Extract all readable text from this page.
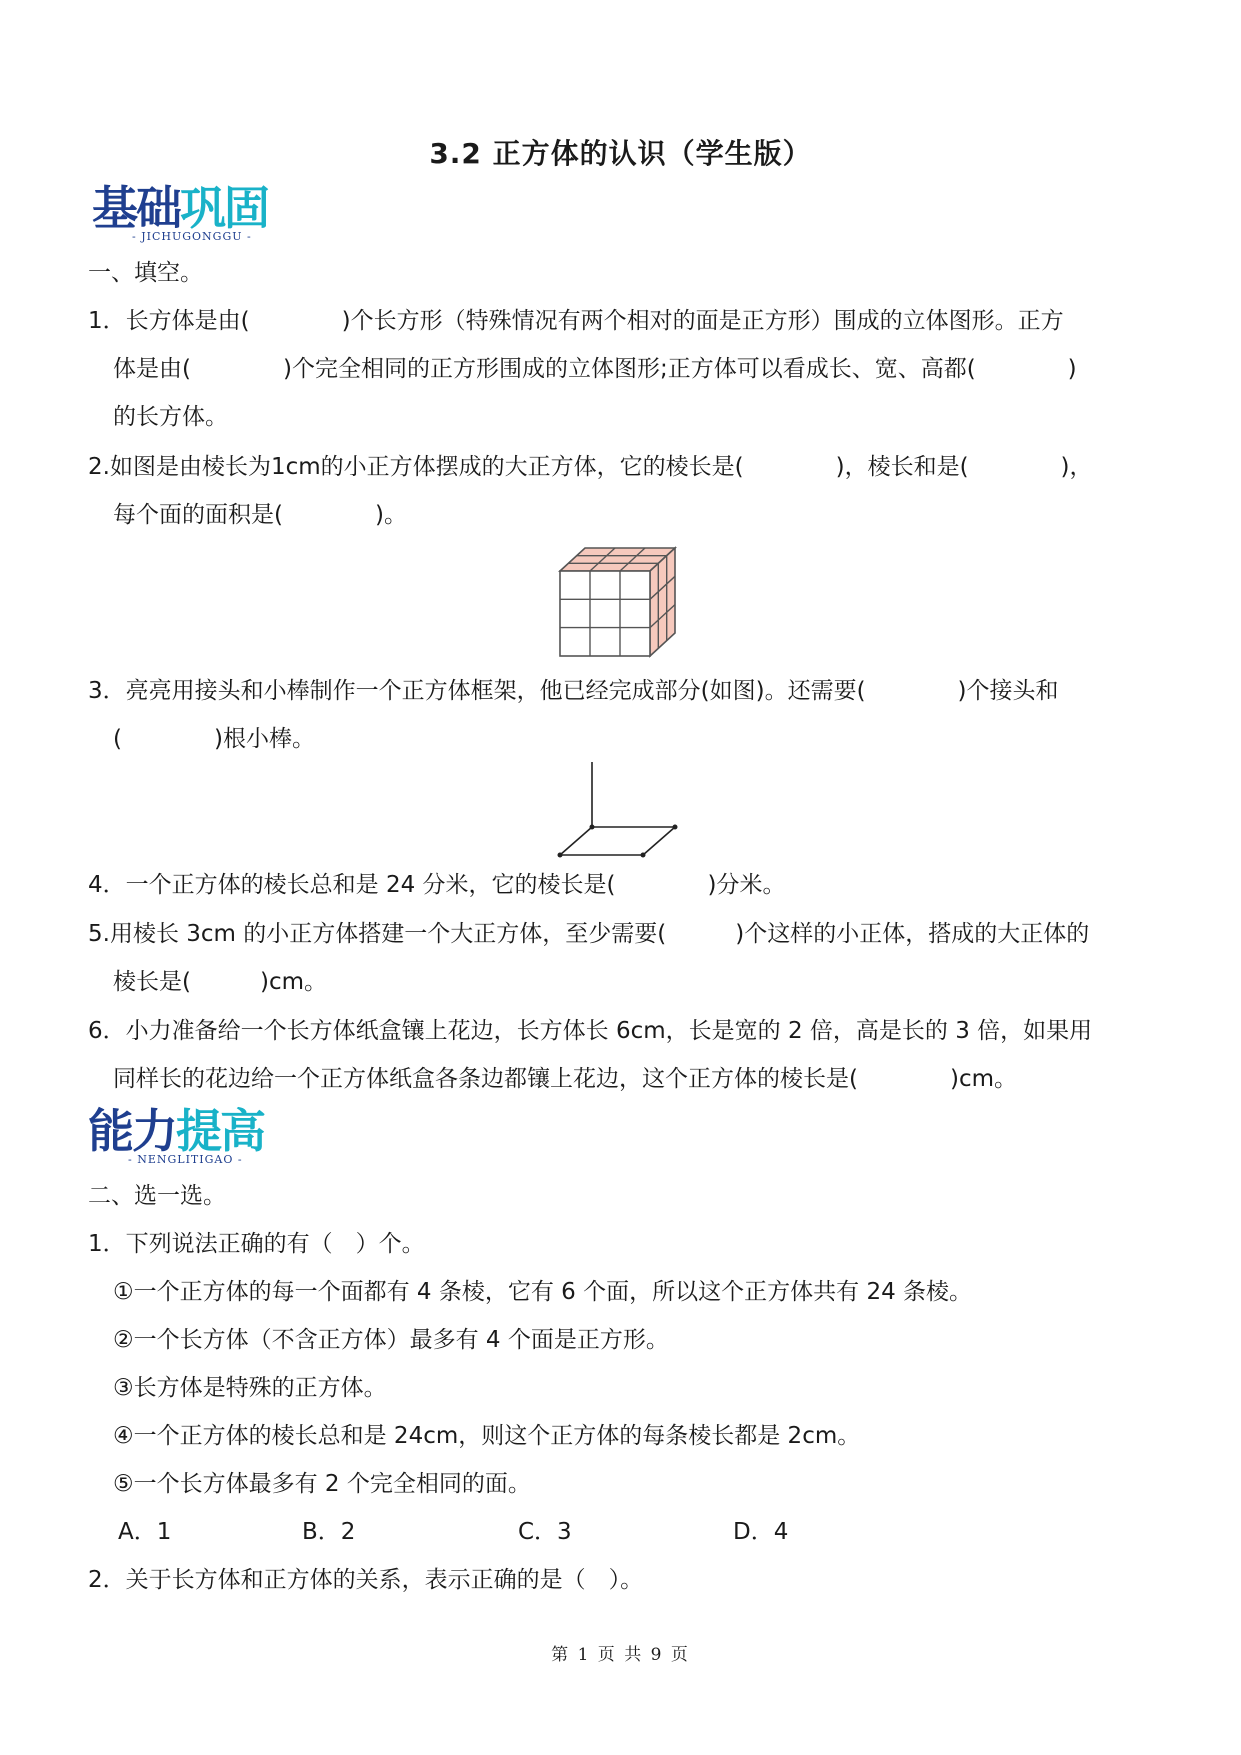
3.2 正方体的认识（学生版）
基础巩固
- JICHUGONGGU -
一、填空。
1．长方体是由(　　　　)个长方形（特殊情况有两个相对的面是正方形）围成的立体图形。正方
体是由(　　　　)个完全相同的正方形围成的立体图形;正方体可以看成长、宽、高都(　　　　)
的长方体。
2.如图是由棱长为1cm的小正方体摆成的大正方体，它的棱长是(　　　　)，棱长和是(　　　　)，
每个面的面积是(　　　　)。
3．亮亮用接头和小棒制作一个正方体框架，他已经完成部分(如图)。还需要(　　　　)个接头和
(　　　　)根小棒。
4．一个正方体的棱长总和是 24 分米，它的棱长是(　　　　)分米。
5.用棱长 3cm 的小正方体搭建一个大正方体，至少需要(　　　)个这样的小正体，搭成的大正体的
棱长是(　　　)cm。
6．小力准备给一个长方体纸盒镶上花边，长方体长 6cm，长是宽的 2 倍，高是长的 3 倍，如果用
同样长的花边给一个正方体纸盒各条边都镶上花边，这个正方体的棱长是(　　　　)cm。
能力提高
- NENGLITIGAO -
二、选一选。
1．下列说法正确的有（　）个。
①一个正方体的每一个面都有 4 条棱，它有 6 个面，所以这个正方体共有 24 条棱。
②一个长方体（不含正方体）最多有 4 个面是正方形。
③长方体是特殊的正方体。
④一个正方体的棱长总和是 24cm，则这个正方体的每条棱长都是 2cm。
⑤一个长方体最多有 2 个完全相同的面。
A．1	B．2	C．3	D．4
2．关于长方体和正方体的关系，表示正确的是（　）。
第 1 页 共 9 页
